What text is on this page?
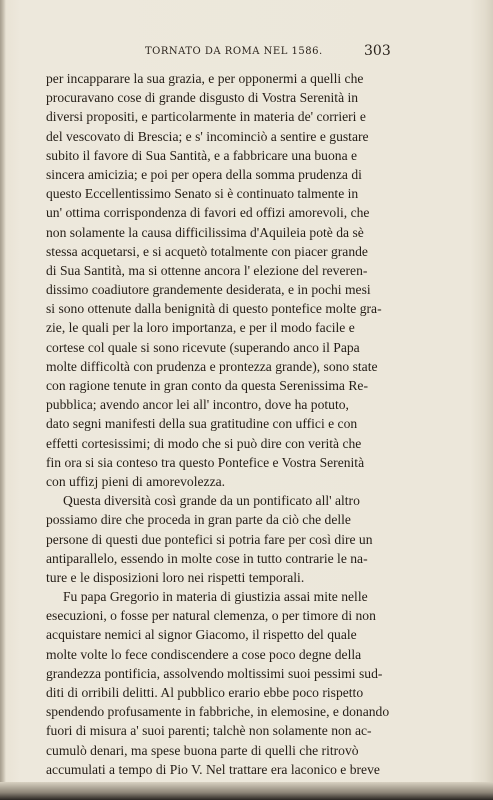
TORNATO DA ROMA NEL 1586.	303
per incapparare la sua grazia, e per opponermi a quelli che
procuravano cose di grande disgusto di Vostra Serenità in
diversi propositi, e particolarmente in materia de' corrieri e
del vescovato di Brescia; e s' incominciò a sentire e gustare
subito il favore di Sua Santità, e a fabbricare una buona e
sincera amicizia; e poi per opera della somma prudenza di
questo Eccellentissimo Senato si è continuato talmente in
un' ottima corrispondenza di favori ed offizi amorevoli, che
non solamente la causa difficilissima d'Aquileia potè da sè
stessa acquetarsi, e si acquetò totalmente con piacer grande
di Sua Santità, ma si ottenne ancora l' elezione del reveren-
dissimo coadiutore grandemente desiderata, e in pochi mesi
si sono ottenute dalla benignità di questo pontefice molte gra-
zie, le quali per la loro importanza, e per il modo facile e
cortese col quale si sono ricevute (superando anco il Papa
molte difficoltà con prudenza e prontezza grande), sono state
con ragione tenute in gran conto da questa Serenissima Re-
pubblica; avendo ancor lei all' incontro, dove ha potuto,
dato segni manifesti della sua gratitudine con uffici e con
effetti cortesissimi; di modo che si può dire con verità che
fin ora si sia conteso tra questo Pontefice e Vostra Serenità
con uffizj pieni di amorevolezza.
Questa diversità così grande da un pontificato all' altro
possiamo dire che proceda in gran parte da ciò che delle
persone di questi due pontefici si potria fare per così dire un
antiparallelo, essendo in molte cose in tutto contrarie le na-
ture e le disposizioni loro nei rispetti temporali.
Fu papa Gregorio in materia di giustizia assai mite nelle
esecuzioni, o fosse per natural clemenza, o per timore di non
acquistare nemici al signor Giacomo, il rispetto del quale
molte volte lo fece condiscendere a cose poco degne della
grandezza pontificia, assolvendo moltissimi suoi pessimi sud-
diti di orribili delitti. Al pubblico erario ebbe poco rispetto
spendendo profusamente in fabbriche, in elemosine, e donando
fuori di misura a' suoi parenti; talchè non solamente non ac-
cumulò denari, ma spese buona parte di quelli che ritrovò
accumulati a tempo di Pio V. Nel trattare era laconico e breve
